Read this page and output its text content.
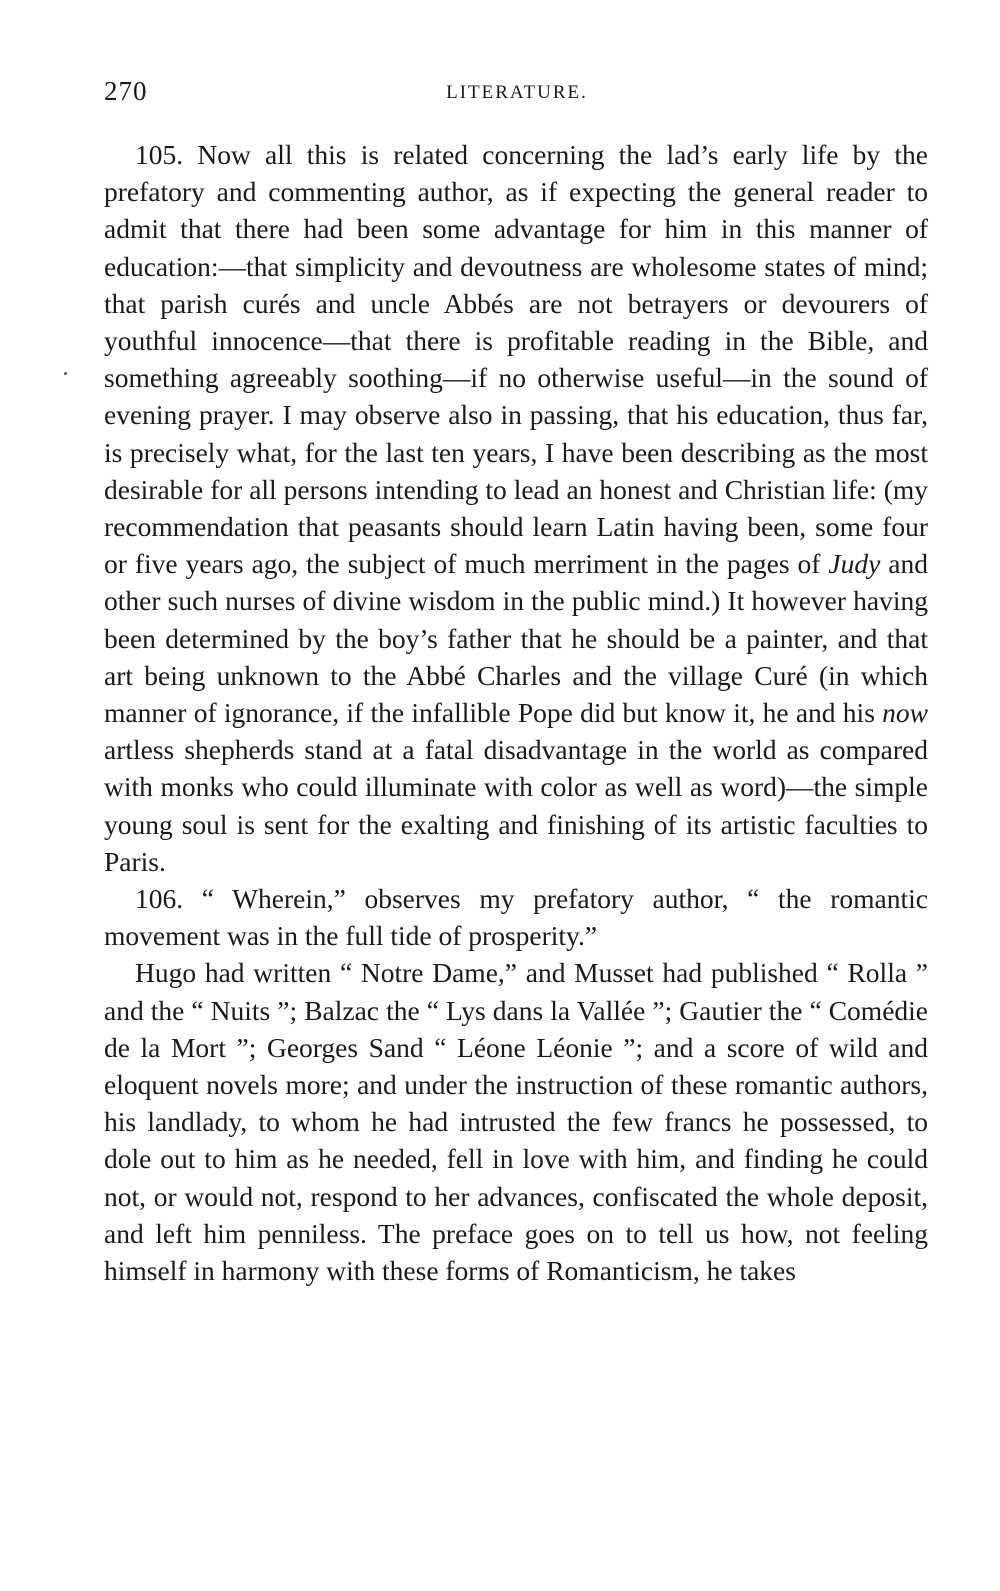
270	LITERATURE.

105. Now all this is related concerning the lad’s early life by the prefatory and commenting author, as if expecting the general reader to admit that there had been some advantage for him in this manner of education:—that simplicity and devoutness are wholesome states of mind; that parish curés and uncle Abbés are not betrayers or devourers of youthful innocence—that there is profitable reading in the Bible, and something agreeably soothing—if no otherwise useful—in the sound of evening prayer. I may observe also in passing, that his education, thus far, is precisely what, for the last ten years, I have been describing as the most desirable for all persons intending to lead an honest and Christian life: (my recommendation that peasants should learn Latin having been, some four or five years ago, the subject of much merriment in the pages of Judy and other such nurses of divine wisdom in the public mind.) It however having been determined by the boy’s father that he should be a painter, and that art being unknown to the Abbé Charles and the village Curé (in which manner of ignorance, if the infallible Pope did but know it, he and his now artless shepherds stand at a fatal disadvantage in the world as compared with monks who could illuminate with color as well as word)—the simple young soul is sent for the exalting and finishing of its artistic faculties to Paris.

106. “ Wherein,” observes my prefatory author, “ the romantic movement was in the full tide of prosperity.”

Hugo had written “ Notre Dame,” and Musset had published “ Rolla ” and the “ Nuits ”; Balzac the “ Lys dans la Vallée ”; Gautier the “ Comédie de la Mort ”; Georges Sand “ Léone Léonie ”; and a score of wild and eloquent novels more; and under the instruction of these romantic authors, his landlady, to whom he had intrusted the few francs he possessed, to dole out to him as he needed, fell in love with him, and finding he could not, or would not, respond to her advances, confiscated the whole deposit, and left him penniless. The preface goes on to tell us how, not feeling himself in harmony with these forms of Romanticism, he takes
